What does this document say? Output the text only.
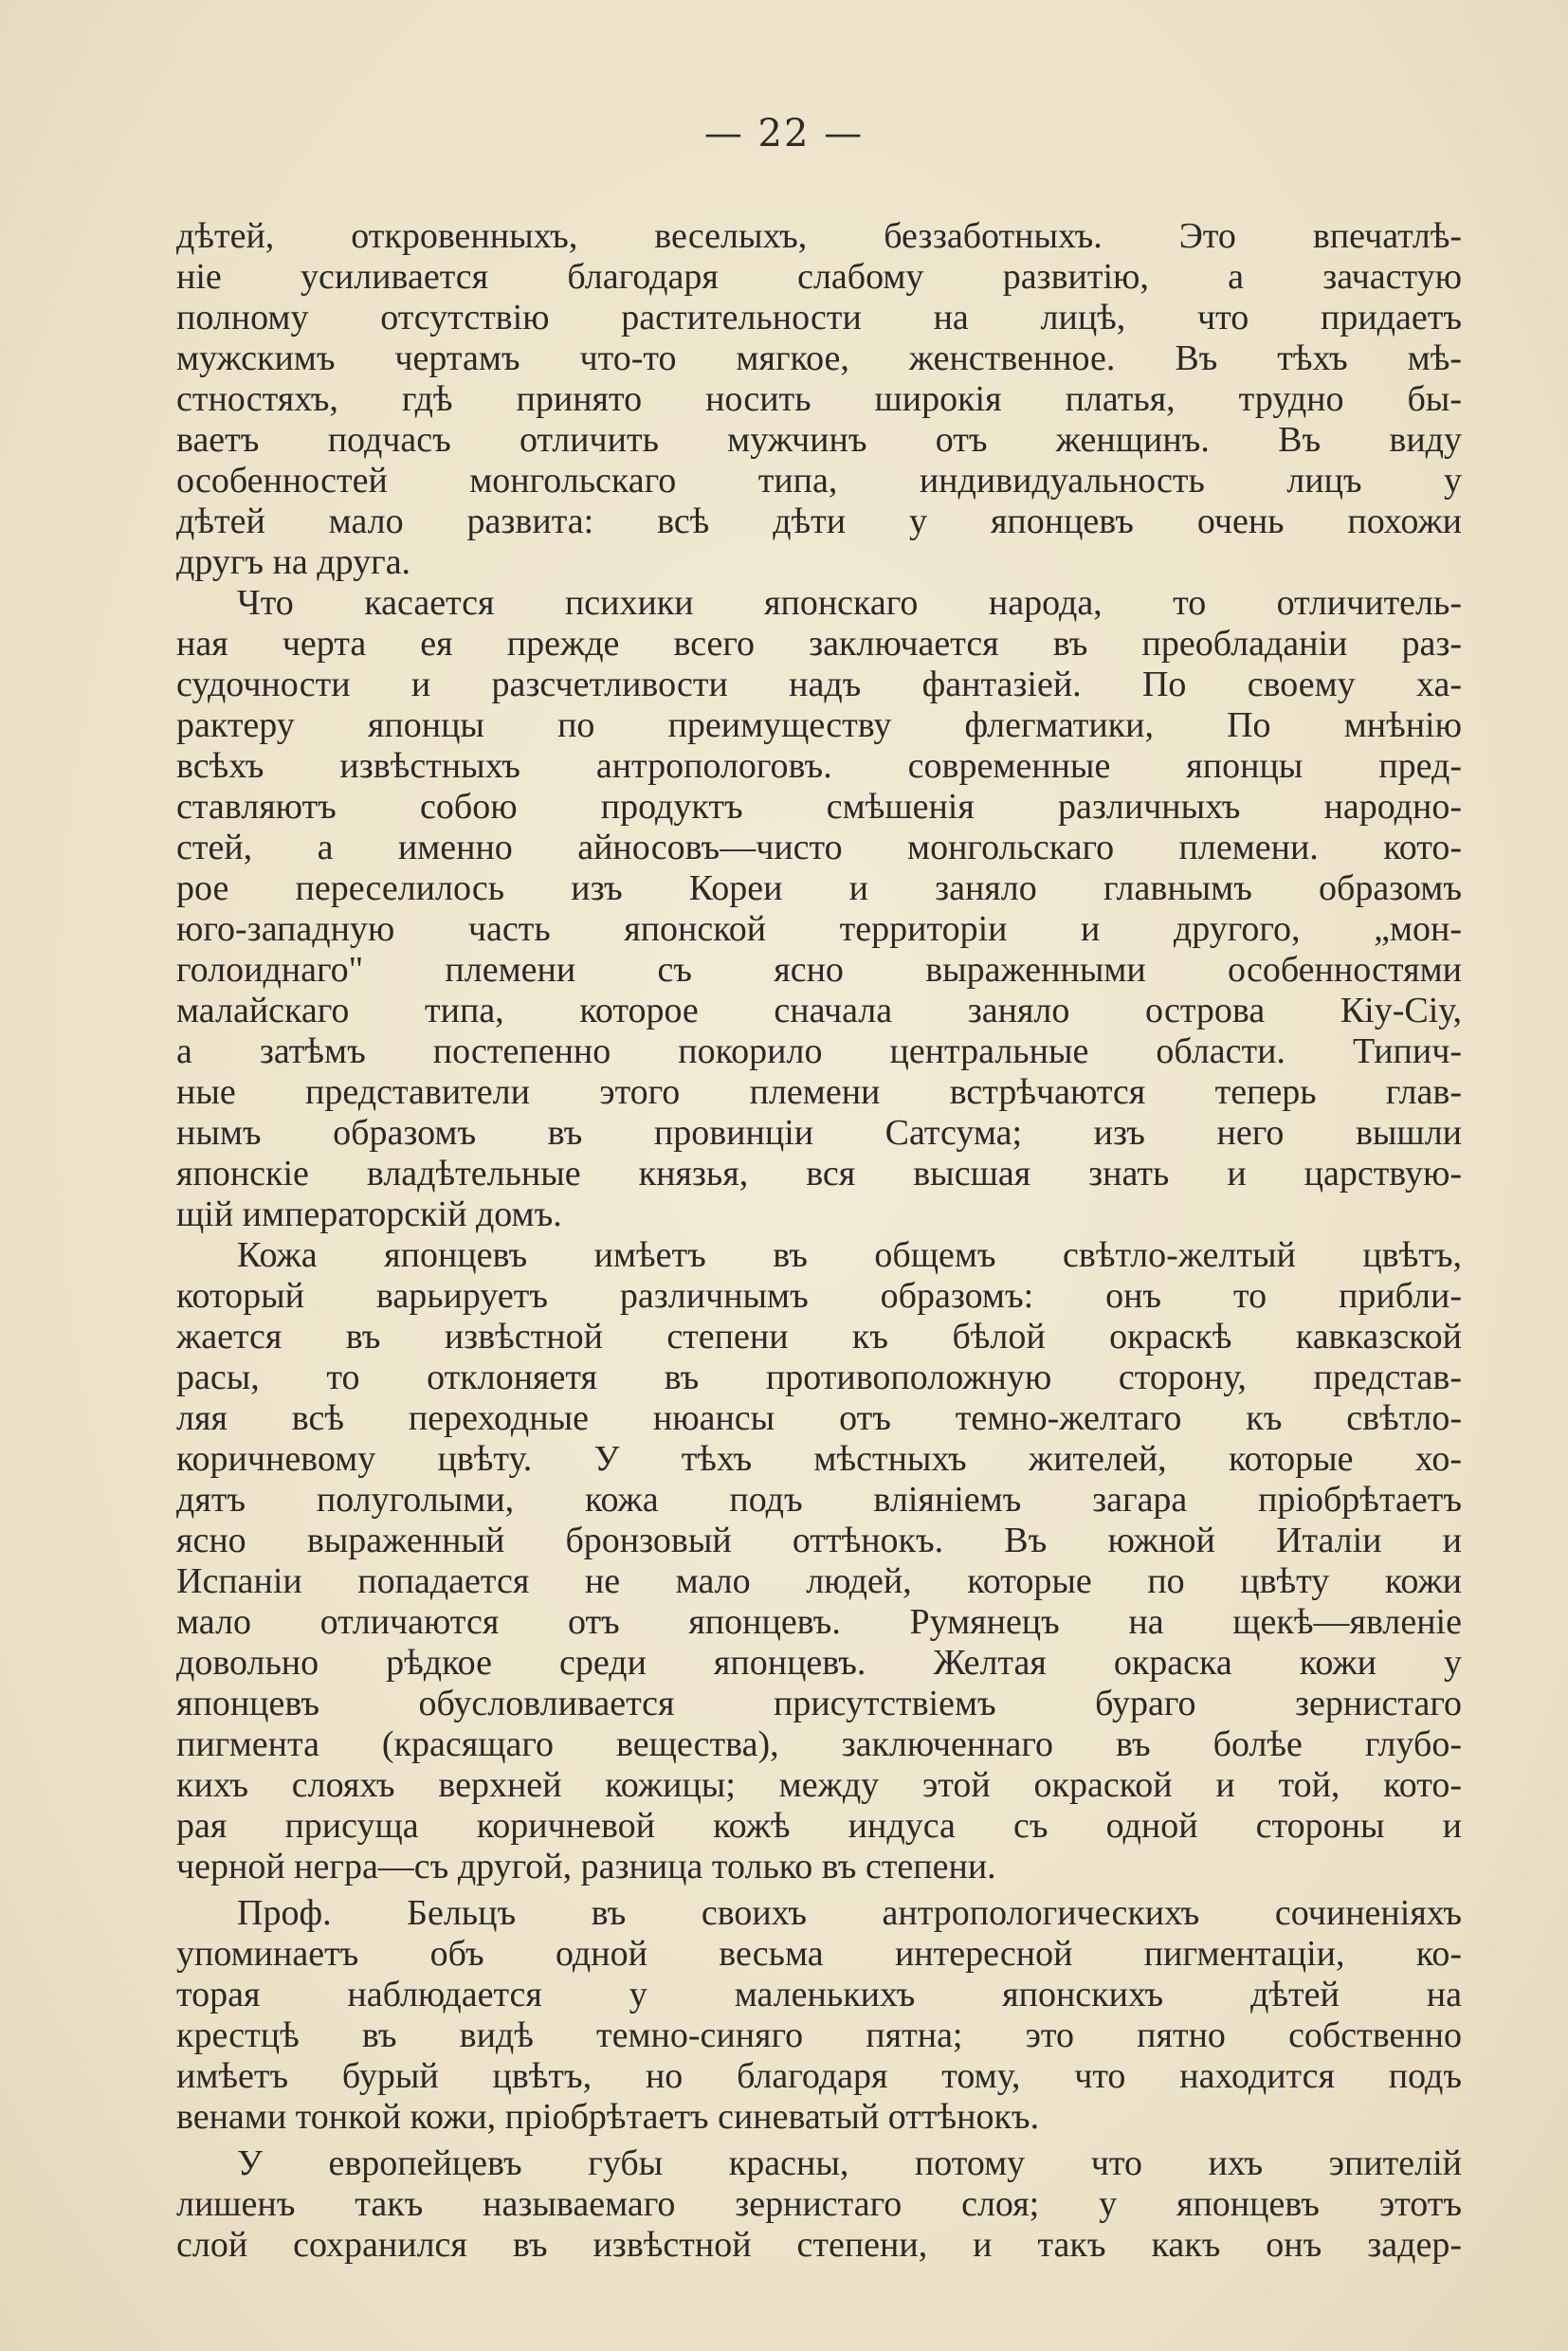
— 22 —
дѣтей, откровенныхъ, веселыхъ, беззаботныхъ. Это впечатлѣ-
ніе усиливается благодаря слабому развитію, а зачастую
полному отсутствію растительности на лицѣ, что придаетъ
мужскимъ чертамъ что-то мягкое, женственное. Въ тѣхъ мѣ-
стностяхъ, гдѣ принято носить широкія платья, трудно бы-
ваетъ подчасъ отличить мужчинъ отъ женщинъ. Въ виду
особенностей монгольскаго типа, индивидуальность лицъ у
дѣтей мало развита: всѣ дѣти у японцевъ очень похожи
другъ на друга.
Что касается психики японскаго народа, то отличитель-
ная черта ея прежде всего заключается въ преобладаніи раз-
судочности и разсчетливости надъ фантазіей. По своему ха-
рактеру японцы по преимуществу флегматики, По мнѣнію
всѣхъ извѣстныхъ антропологовъ. современные японцы пред-
ставляютъ собою продуктъ смѣшенія различныхъ народно-
стей, а именно айносовъ—чисто монгольскаго племени. кото-
рое переселилось изъ Кореи и заняло главнымъ образомъ
юго-западную часть японской территоріи и другого, „мон-
голоиднаго" племени съ ясно выраженными особенностями
малайскаго типа, которое сначала заняло острова Кіу-Сіу,
а затѣмъ постепенно покорило центральные области. Типич-
ные представители этого племени встрѣчаются теперь глав-
нымъ образомъ въ провинціи Сатсума; изъ него вышли
японскіе владѣтельные князья, вся высшая знать и царствую-
щій императорскій домъ.
Кожа японцевъ имѣетъ въ общемъ свѣтло-желтый цвѣтъ,
который варьируетъ различнымъ образомъ: онъ то прибли-
жается въ извѣстной степени къ бѣлой окраскѣ кавказской
расы, то отклоняетя въ противоположную сторону, представ-
ляя всѣ переходные нюансы отъ темно-желтаго къ свѣтло-
коричневому цвѣту. У тѣхъ мѣстныхъ жителей, которые хо-
дятъ полуголыми, кожа подъ вліяніемъ загара пріобрѣтаетъ
ясно выраженный бронзовый оттѣнокъ. Въ южной Италіи и
Испаніи попадается не мало людей, которые по цвѣту кожи
мало отличаются отъ японцевъ. Румянецъ на щекѣ—явленіе
довольно рѣдкое среди японцевъ. Желтая окраска кожи у
японцевъ обусловливается присутствіемъ бураго зернистаго
пигмента (красящаго вещества), заключеннаго въ болѣе глубо-
кихъ слояхъ верхней кожицы; между этой окраской и той, кото-
рая присуща коричневой кожѣ индуса съ одной стороны и
черной негра—съ другой, разница только въ степени.
Проф. Бельцъ въ своихъ антропологическихъ сочиненіяхъ
упоминаетъ объ одной весьма интересной пигментаціи, ко-
торая наблюдается у маленькихъ японскихъ дѣтей на
крестцѣ въ видѣ темно-синяго пятна; это пятно собственно
имѣетъ бурый цвѣтъ, но благодаря тому, что находится подъ
венами тонкой кожи, пріобрѣтаетъ синеватый оттѣнокъ.
У европейцевъ губы красны, потому что ихъ эпителій
лишенъ такъ называемаго зернистаго слоя; у японцевъ этотъ
слой сохранился въ извѣстной степени, и такъ какъ онъ задер-
